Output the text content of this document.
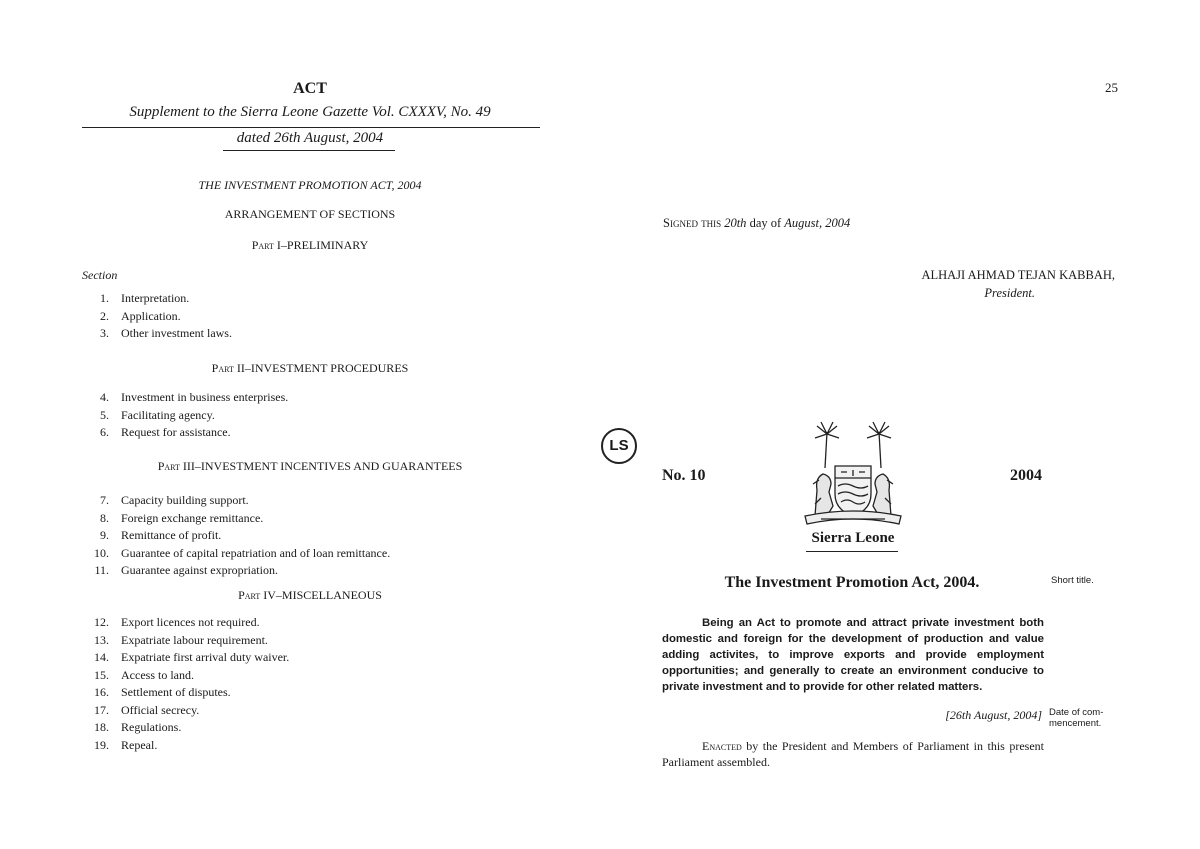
ACT
Supplement to the Sierra Leone Gazette Vol. CXXXV, No. 49
dated 26th August, 2004
THE INVESTMENT PROMOTION ACT, 2004
ARRANGEMENT OF SECTIONS
Part I–PRELIMINARY
Section
1. Interpretation.
2. Application.
3. Other investment laws.
Part II–INVESTMENT PROCEDURES
4. Investment in business enterprises.
5. Facilitating agency.
6. Request for assistance.
Part III–INVESTMENT INCENTIVES AND GUARANTEES
7. Capacity building support.
8. Foreign exchange remittance.
9. Remittance of profit.
10. Guarantee of capital repatriation and of loan remittance.
11. Guarantee against expropriation.
Part IV–MISCELLANEOUS
12. Export licences not required.
13. Expatriate labour requirement.
14. Expatriate first arrival duty waiver.
15. Access to land.
16. Settlement of disputes.
17. Official secrecy.
18. Regulations.
19. Repeal.
25
Signed this 20th day of August, 2004
ALHAJI AHMAD TEJAN KABBAH,
President.
LS
No. 10	2004
Sierra Leone
The Investment Promotion Act, 2004.	Short title.

Being an Act to promote and attract private investment both domestic and foreign for the development of production and value adding activites, to improve exports and provide employment opportunities; and generally to create an environment conducive to private investment and to provide for other related matters.

[26th August, 2004] Date of com-
mencement.

Enacted by the President and Members of Parliament in this present Parliament assembled.
